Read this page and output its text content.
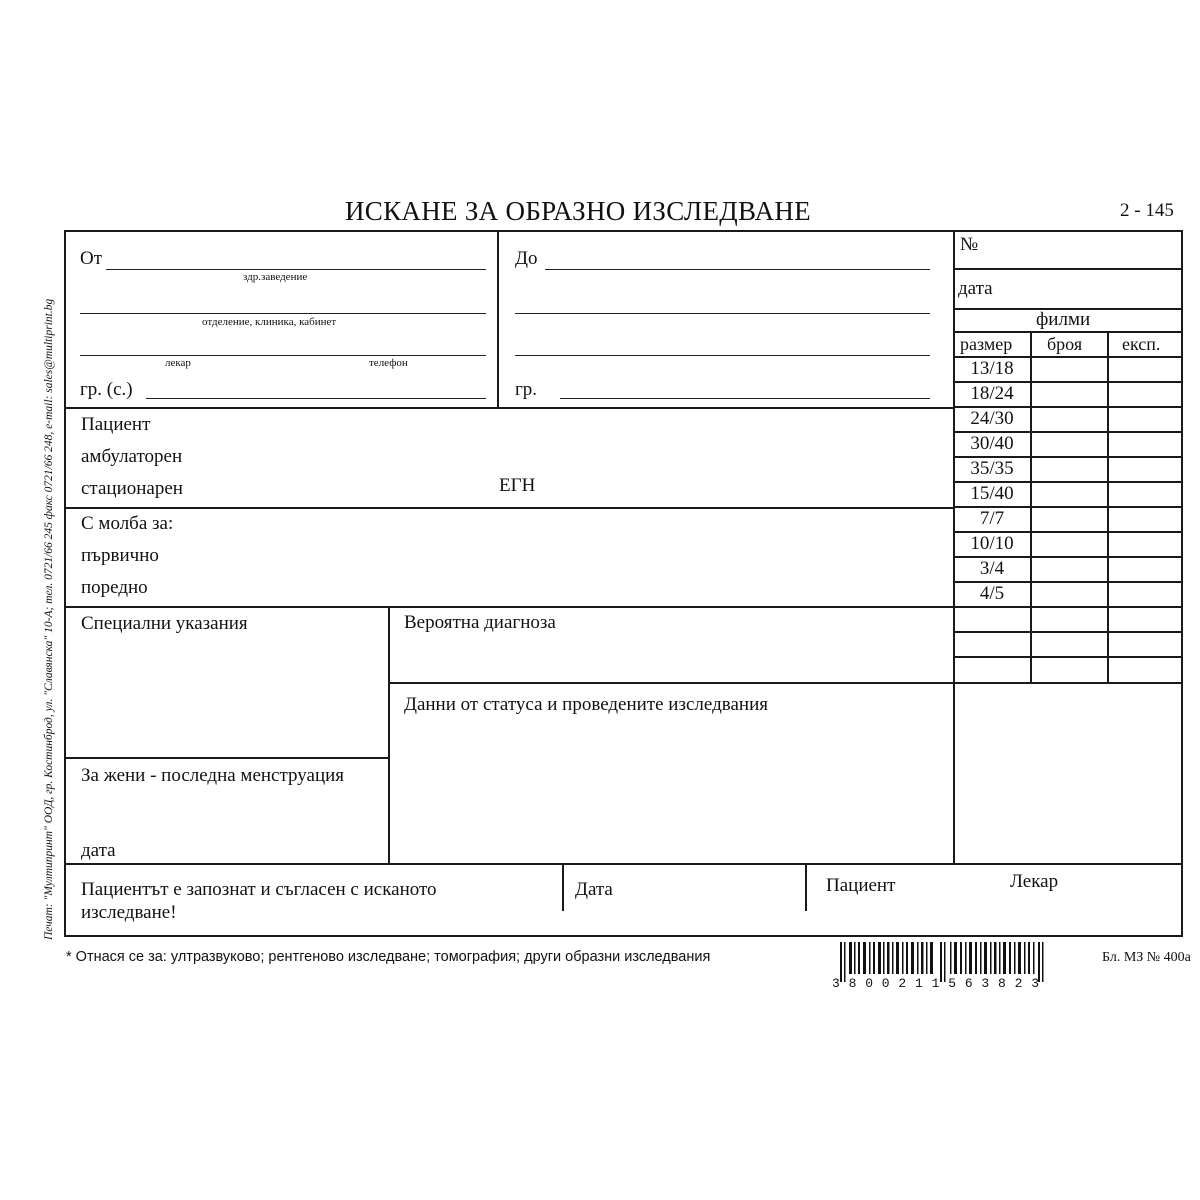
ИСКАНЕ ЗА ОБРАЗНО ИЗСЛЕДВАНЕ	2 - 145
Печат: "Мултипринт" ООД, гр. Костинброд, ул. "Славянска" 10-А; тел. 0721/66 245 факс 0721/66 248, e-mail: sales@multiprint.bg
От
здр.заведение
отделение, клиника, кабинет
лекар	телефон
гр. (с.)
До
гр.
Пациент
амбулаторен
стационарен	ЕГН
С молба за:
първично
поредно
Специални указания	Вероятна диагноза
Данни от статуса и проведените изследвания
За жени - последна менструация
дата
Пациентът е запознат и съгласен с исканото
изследване!
Дата	Пациент	Лекар
№
дата
филми
размер броя експ.
13/18
18/24
24/30
30/40
35/35
15/40
7/7
10/10
3/4
4/5
* Отнася се за: ултразвуково; рентгеново изследване; томография; други образни изследвания	Бл. МЗ № 400а
3 8 0 0 2 1 1 5 6 3 8 2 3
